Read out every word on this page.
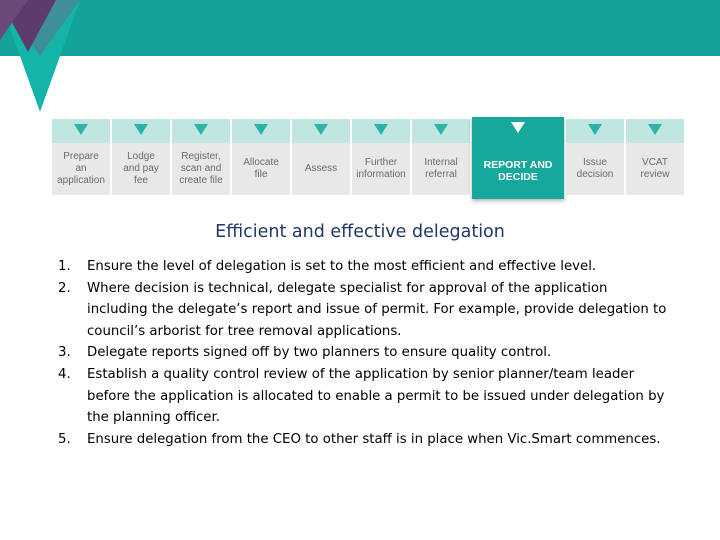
Prepare
an
application
Lodge
and pay
fee
Register,
scan and
create file
Allocate
file
Assess
Further
information
Internal
referral
REPORT AND
DECIDE
Issue
decision
VCAT
review
Efficient and effective delegation
1. Ensure the level of delegation is set to the most efficient and effective level.
2. Where decision is technical, delegate specialist for approval of the application including the delegate’s report and issue of permit. For example, provide delegation to council’s arborist for tree removal applications.
3. Delegate reports signed off by two planners to ensure quality control.
4. Establish a quality control review of the application by senior planner/team leader before the application is allocated to enable a permit to be issued under delegation by the planning officer.
5. Ensure delegation from the CEO to other staff is in place when Vic.Smart commences.
